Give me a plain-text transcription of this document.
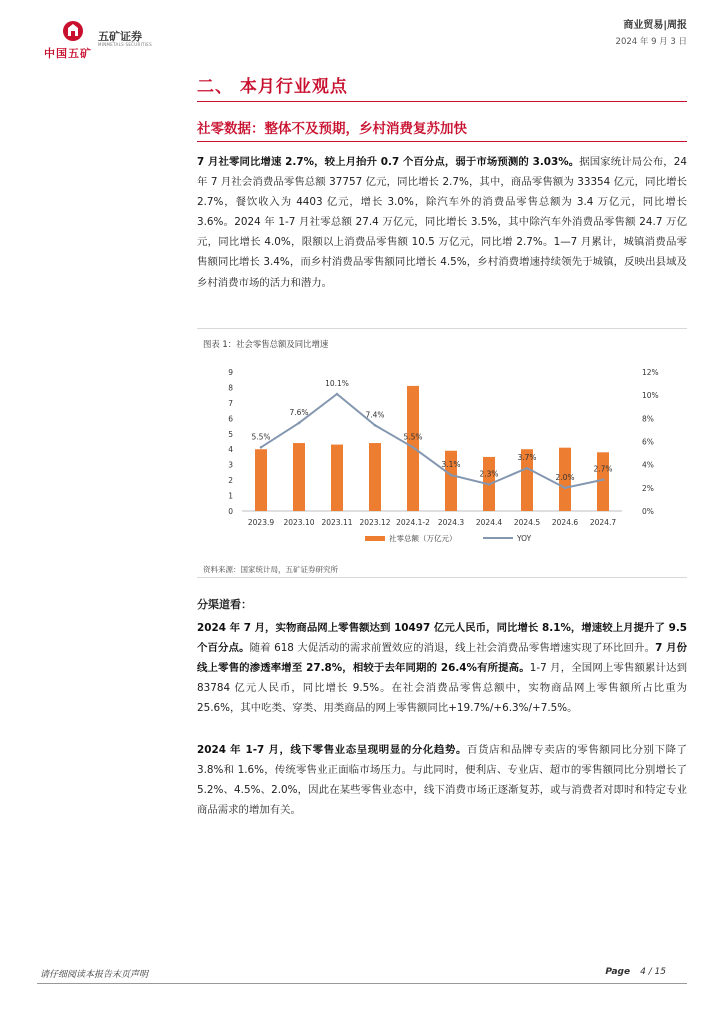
中国五矿
五矿证券
MINMETALS SECURITIES
商业贸易|周报
2024 年 9 月 3 日
二、 本月行业观点
社零数据：整体不及预期，乡村消费复苏加快
7 月社零同比增速 2.7%，较上月抬升 0.7 个百分点，弱于市场预测的 3.03%。据国家统计局公布，24 年 7 月社会消费品零售总额 37757 亿元，同比增长 2.7%，其中，商品零售额为 33354 亿元，同比增长 2.7%，餐饮收入为 4403 亿元，增长 3.0%，除汽车外的消费品零售总额为 3.4 万亿元，同比增长 3.6%。2024 年 1-7 月社零总额 27.4 万亿元，同比增长 3.5%，其中除汽车外消费品零售额 24.7 万亿元，同比增长 4.0%，限额以上消费品零售额 10.5 万亿元，同比增 2.7%。1—7 月累计，城镇消费品零售额同比增长 3.4%，而乡村消费品零售额同比增长 4.5%，乡村消费增速持续领先于城镇，反映出县域及乡村消费市场的活力和潜力。
图表 1：社会零售总额及同比增速
0
1
2
3
4
5
6
7
8
9
0%
2%
4%
6%
8%
10%
12%
2023.9 2023.10 2023.11 2023.12 2024.1-2 2024.3 2024.4 2024.5 2024.6 2024.7
5.5%
7.6%
10.1%
7.4%
5.5%
3.1%
2.3%
3.7%
2.0%
2.7%
社零总额（万亿元）	YOY
资料来源：国家统计局，五矿证券研究所
分渠道看：
2024 年 7 月，实物商品网上零售额达到 10497 亿元人民币，同比增长 8.1%，增速较上月提升了 9.5 个百分点。随着 618 大促活动的需求前置效应的消退，线上社会消费品零售增速实现了环比回升。7 月份线上零售的渗透率增至 27.8%，相较于去年同期的 26.4%有所提高。1-7 月，全国网上零售额累计达到 83784 亿元人民币，同比增长 9.5%。在社会消费品零售总额中，实物商品网上零售额所占比重为 25.6%，其中吃类、穿类、用类商品的网上零售额同比+19.7%/+6.3%/+7.5%。
2024 年 1-7 月，线下零售业态呈现明显的分化趋势。百货店和品牌专卖店的零售额同比分别下降了 3.8%和 1.6%，传统零售业正面临市场压力。与此同时，便利店、专业店、超市的零售额同比分别增长了 5.2%、4.5%、2.0%，因此在某些零售业态中，线下消费市场正逐渐复苏，或与消费者对即时和特定专业商品需求的增加有关。
请仔细阅读本报告末页声明	Page 4 / 15
